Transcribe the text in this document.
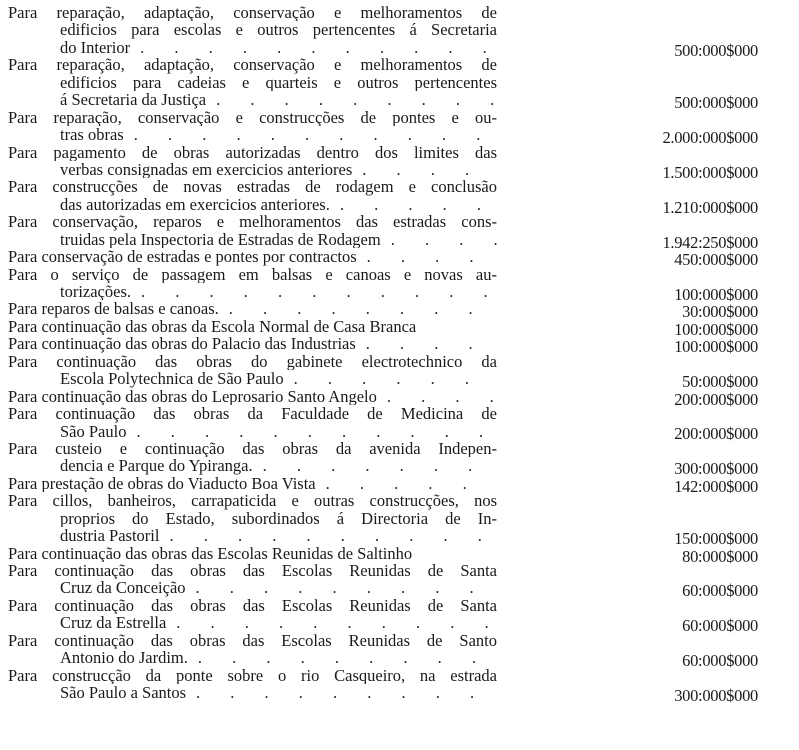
Para reparação, adaptação, conservação e melhoramentos de
edificios para escolas e outros pertencentes á Secretaria
do Interior . . .	500:000$000
Para reparação, adaptação, conservação e melhoramentos de
edificios para cadeias e quarteis e outros pertencentes
á Secretaria da Justiça . . .	500:000$000
Para reparação, conservação e construcções de pontes e ou-
tras obras . . .	2.000:000$000
Para pagamento de obras autorizadas dentro dos limites das
verbas consignadas em exercicios anteriores . . .	1.500:000$000
Para construcções de novas estradas de rodagem e conclusão
das autorizadas em exercicios anteriores. . . .	1.210:000$000
Para conservação, reparos e melhoramentos das estradas cons-
truidas pela Inspectoria de Estradas de Rodagem . . .	1.942:250$000
Para conservação de estradas e pontes por contractos . . .	450:000$000
Para o serviço de passagem em balsas e canoas e novas au-
torizações. . . .	100:000$000
Para reparos de balsas e canoas. . . .	30:000$000
Para continuação das obras da Escola Normal de Casa Branca	100:000$000
Para continuação das obras do Palacio das Industrias . . .	100:000$000
Para continuação das obras do gabinete electrotechnico da
Escola Polytechnica de São Paulo . . .	50:000$000
Para continuação das obras do Leprosario Santo Angelo . . .	200:000$000
Para continuação das obras da Faculdade de Medicina de
São Paulo . . .	200:000$000
Para custeio e continuação das obras da avenida Indepen-
dencia e Parque do Ypiranga. . . .	300:000$000
Para prestação de obras do Viaducto Boa Vista . . .	142:000$000
Para cillos, banheiros, carrapaticida e outras construcções, nos
proprios do Estado, subordinados á Directoria de In-
dustria Pastoril . . .	150:000$000
Para continuação das obras das Escolas Reunidas de Saltinho	80:000$000
Para continuação das obras das Escolas Reunidas de Santa
Cruz da Conceição . . .	60:000$000
Para continuação das obras das Escolas Reunidas de Santa
Cruz da Estrella . . .	60:000$000
Para continuação das obras das Escolas Reunidas de Santo
Antonio do Jardim. . . .	60:000$000
Para construcção da ponte sobre o rio Casqueiro, na estrada
São Paulo a Santos . . .	300:000$000
